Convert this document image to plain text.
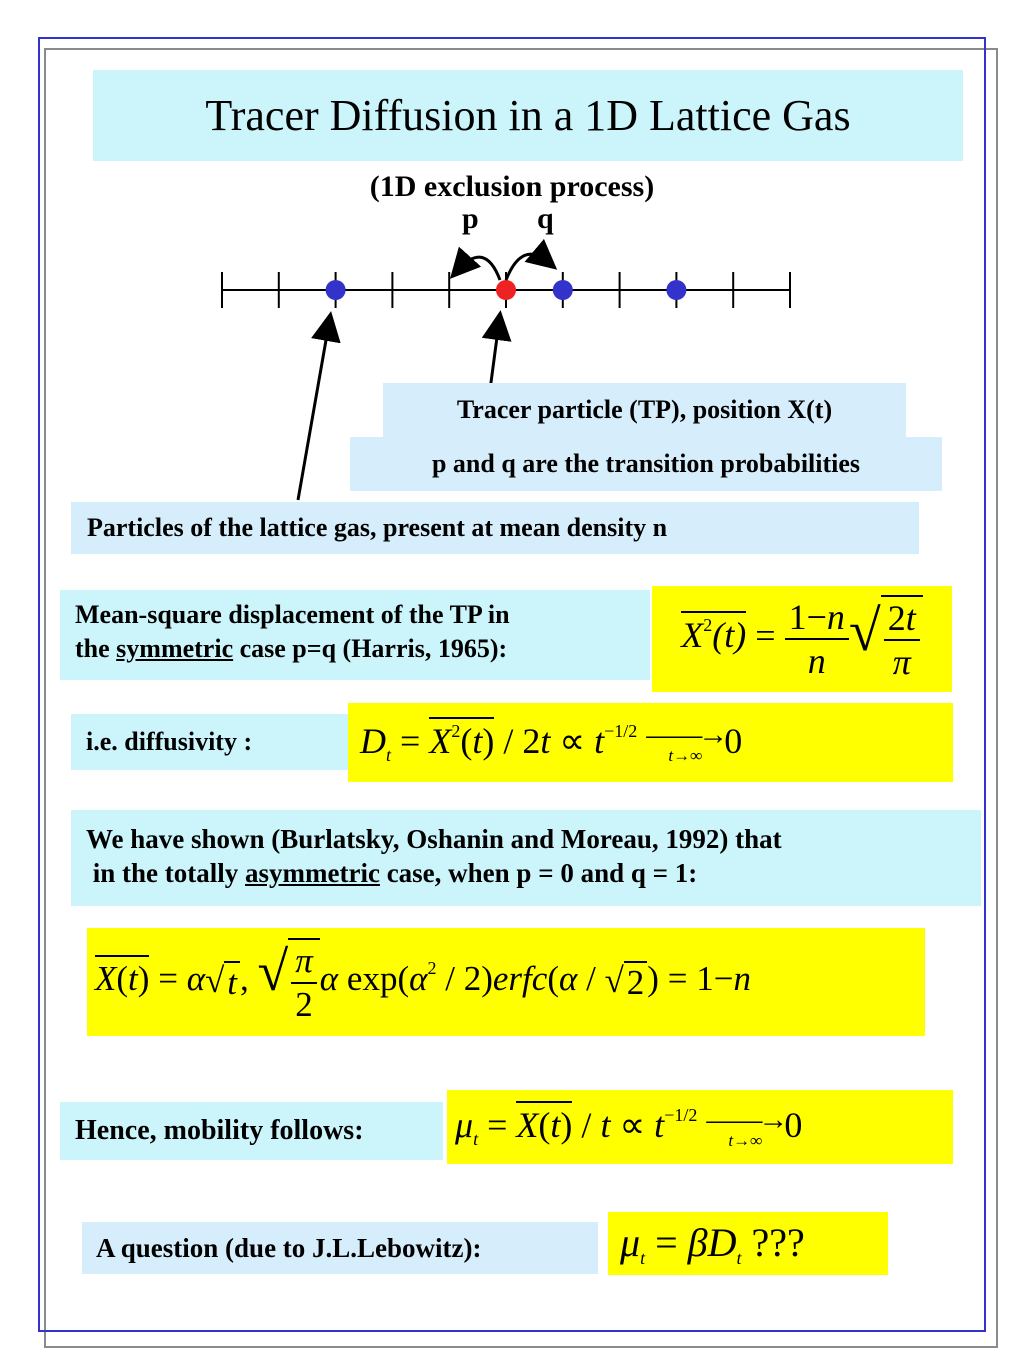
Tracer Diffusion in a 1D Lattice Gas
(1D exclusion process)
p q
Tracer particle (TP), position X(t)
p and q are the transition probabilities
Particles of the lattice gas, present at mean density n
Mean-square displacement of the TP in
the symmetric case p=q (Harris, 1965):	$X^2(t) = \frac{1-n}{n}$ √ $\frac{2t}{\pi}$
i.e. diffusivity :	$D_t = X^2(t) / 2t \propto t^{-1/2}$ ——→
t→∞ 0
We have shown (Burlatsky, Oshanin and Moreau, 1992) that
in the totally asymmetric case, when p = 0 and q = 1:
X(t) = α √ t , √ $\frac{\pi}{2}$ α $\exp(\alpha^2$ / 2)erfc(α / √ 2 ) = 1−n
Hence, mobility follows:	$\mu_t = X(t) / t \propto t^{-1/2}$ ——→
t→∞ 0
A question (due to J.L.Lebowitz):	$\mu_t = \beta D_t$ ???
